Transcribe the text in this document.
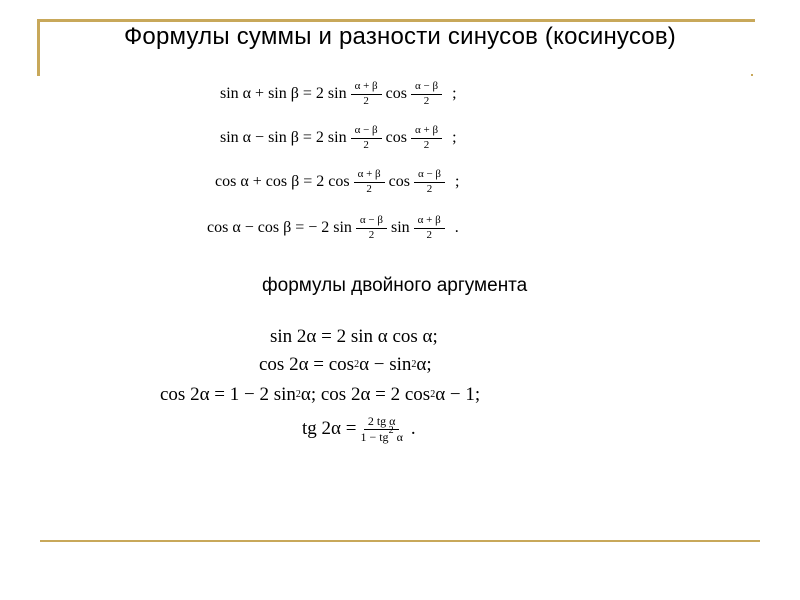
Формулы суммы и разности синусов (косинусов)
sin α + sin β = 2 $\sin \frac{\alpha + \beta}{2}$ $\cos \frac{\alpha - \beta}{2}$ ;
sin α − sin β = 2 $\sin \frac{\alpha - \beta}{2}$ $\cos \frac{\alpha + \beta}{2}$ ;
cos α + cos β = 2 $\cos \frac{\alpha + \beta}{2}$ $\cos \frac{\alpha - \beta}{2}$ ;
cos α − cos β = − 2 $\sin \frac{\alpha - \beta}{2}$ $\sin \frac{\alpha + \beta}{2}$ .
формулы двойного аргумента
sin 2α = 2 sin α cos α;
cos 2α = cos 2 α − sin 2 α;
cos 2α = 1 − 2 sin 2 α; cos 2α = 2 cos 2 α − 1;
tg $2\alpha = \frac{\text{2 tg α}}{1 - tg^2 \alpha}$ .
